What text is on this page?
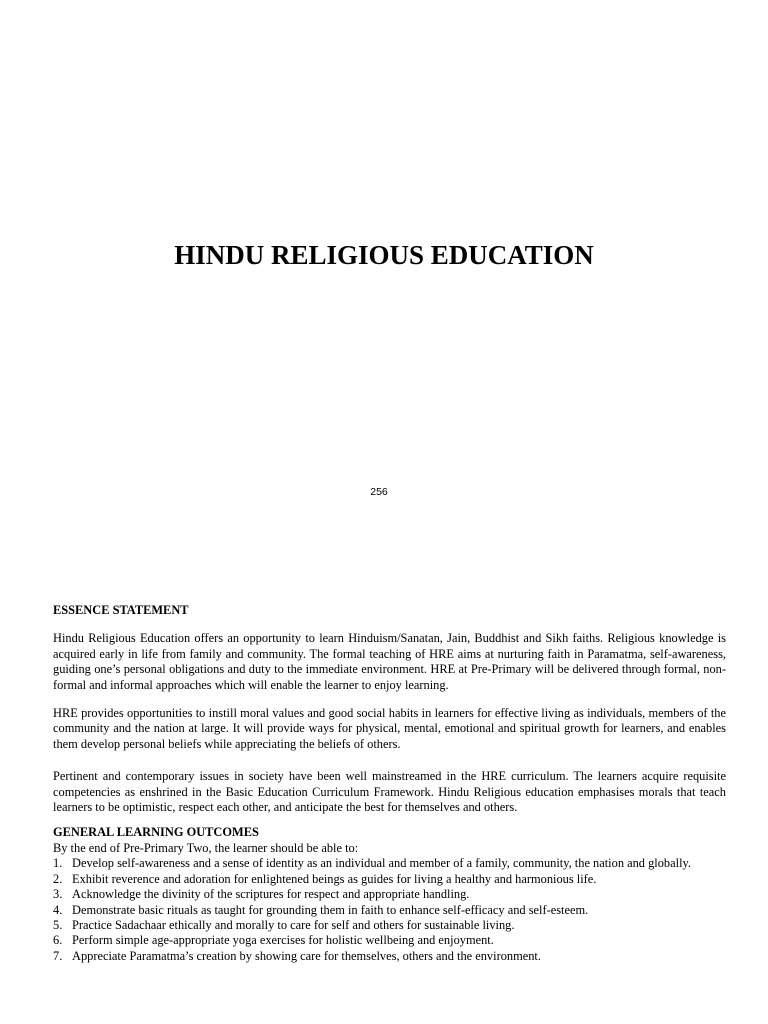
HINDU RELIGIOUS EDUCATION
256

ESSENCE STATEMENT

Hindu Religious Education offers an opportunity to learn Hinduism/Sanatan, Jain, Buddhist and Sikh faiths. Religious knowledge is acquired early in life from family and community. The formal teaching of HRE aims at nurturing faith in Paramatma, self-awareness, guiding one’s personal obligations and duty to the immediate environment. HRE at Pre-Primary will be delivered through formal, non-formal and informal approaches which will enable the learner to enjoy learning.

HRE provides opportunities to instill moral values and good social habits in learners for effective living as individuals, members of the community and the nation at large. It will provide ways for physical, mental, emotional and spiritual growth for learners, and enables them develop personal beliefs while appreciating the beliefs of others.

Pertinent and contemporary issues in society have been well mainstreamed in the HRE curriculum. The learners acquire requisite competencies as enshrined in the Basic Education Curriculum Framework. Hindu Religious education emphasises morals that teach learners to be optimistic, respect each other, and anticipate the best for themselves and others.

GENERAL LEARNING OUTCOMES

By the end of Pre-Primary Two, the learner should be able to:

1. Develop self-awareness and a sense of identity as an individual and member of a family, community, the nation and globally.
2. Exhibit reverence and adoration for enlightened beings as guides for living a healthy and harmonious life.
3. Acknowledge the divinity of the scriptures for respect and appropriate handling.
4. Demonstrate basic rituals as taught for grounding them in faith to enhance self-efficacy and self-esteem.
5. Practice Sadachaar ethically and morally to care for self and others for sustainable living.
6. Perform simple age-appropriate yoga exercises for holistic wellbeing and enjoyment.
7. Appreciate Paramatma’s creation by showing care for themselves, others and the environment.
